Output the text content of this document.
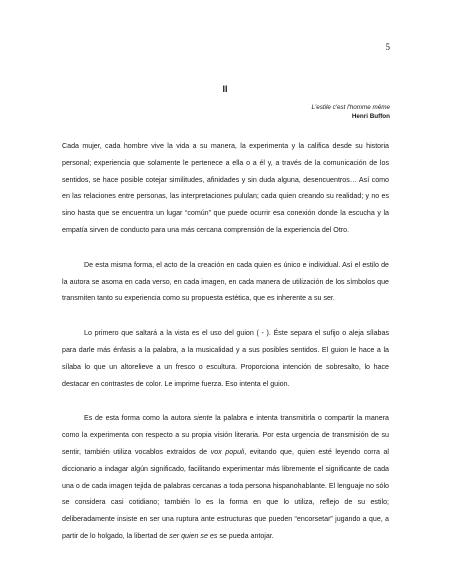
5
II
L'estile c'est l'homme même
Henri Buffon

Cada mujer, cada hombre vive la vida a su manera, la experimenta y la califica desde su historia personal; experiencia que solamente le pertenece a ella o a él y, a través de la comunicación de los sentidos, se hace posible cotejar similitudes, afinidades y sin duda alguna, desencuentros… Así como en las relaciones entre personas, las interpretaciones pululan; cada quien creando su realidad; y no es sino hasta que se encuentra un lugar “común” que puede ocurrir esa conexión donde la escucha y la empatía sirven de conducto para una más cercana comprensión de la experiencia del Otro.

De esta misma forma, el acto de la creación en cada quien es único e individual. Así el estilo de la autora se asoma en cada verso, en cada imagen, en cada manera de utilización de los símbolos que transmiten tanto su experiencia como su propuesta estética, que es inherente a su ser.

Lo primero que saltará a la vista es el uso del guion ( - ). Éste separa el sufijo o aleja sílabas para darle más énfasis a la palabra, a la musicalidad y a sus posibles sentidos. El guion le hace a la sílaba lo que un altorelieve a un fresco o escultura. Proporciona intención de sobresalto, lo hace destacar en contrastes de color. Le imprime fuerza. Eso intenta el guion.

Es de esta forma como la autora siente la palabra e intenta transmitirla o compartir la manera como la experimenta con respecto a su propia visión literaria. Por esta urgencia de transmisión de su sentir, también utiliza vocablos extraídos de vox populi, evitando que, quien esté leyendo corra al diccionario a indagar algún significado, facilitando experimentar más libremente el significante de cada una o de cada imagen tejida de palabras cercanas a toda persona hispanohablante. El lenguaje no sólo se considera casi cotidiano; también lo es la forma en que lo utiliza, reflejo de su estilo; deliberadamente insiste en ser una ruptura ante estructuras que pueden “encorsetar” jugando a que, a partir de lo holgado, la libertad de ser quien se es se pueda antojar.
